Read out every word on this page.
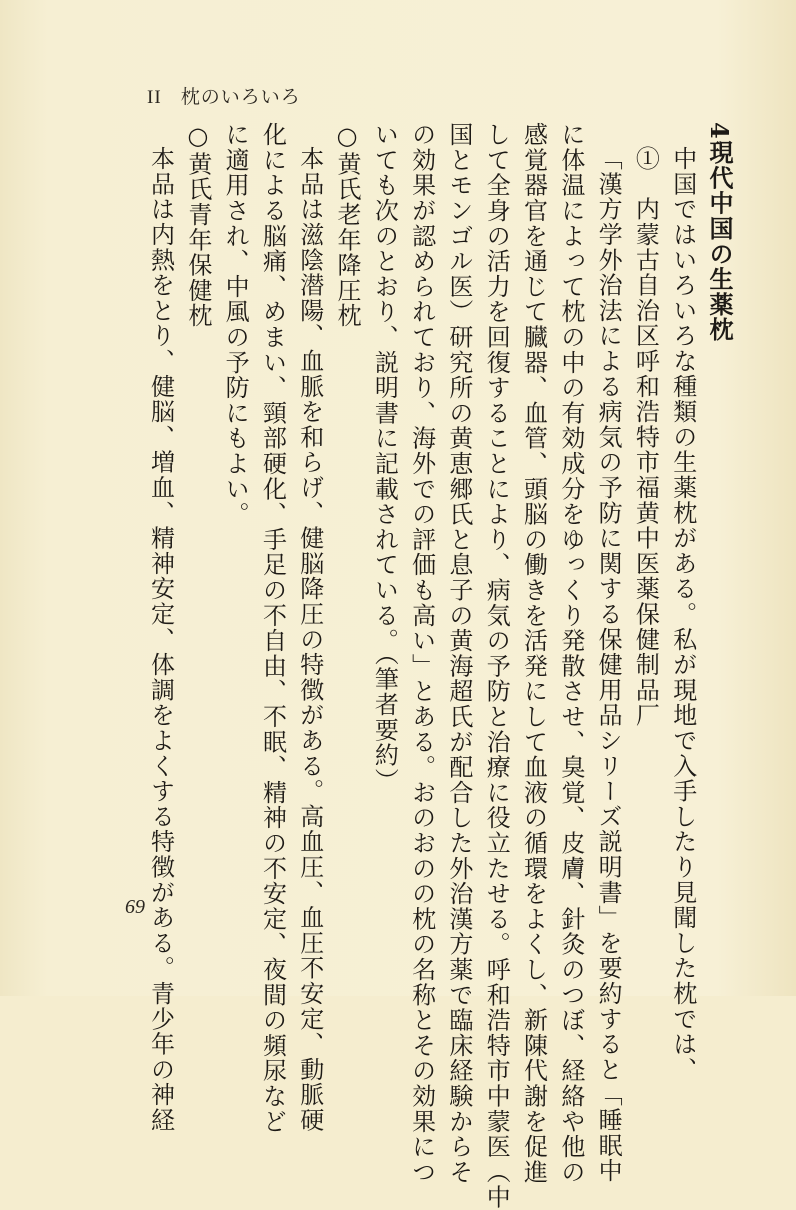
II 枕のいろいろ
4現代中国の生薬枕
中国ではいろいろな種類の生薬枕がある。私が現地で入手したり見聞した枕では、
①　内蒙古自治区呼和浩特市福黄中医薬保健制品厂
「漢方学外治法による病気の予防に関する保健用品シリーズ説明書」を要約すると「睡眠中
に体温によって枕の中の有効成分をゆっくり発散させ、臭覚、皮膚、針灸のつぼ、経絡や他の
感覚器官を通じて臓器、血管、頭脳の働きを活発にして血液の循環をよくし、新陳代謝を促進
して全身の活力を回復することにより、病気の予防と治療に役立たせる。呼和浩特市中蒙医（中
国とモンゴル医）研究所の黄恵郷氏と息子の黄海超氏が配合した外治漢方薬で臨床経験からそ
の効果が認められており、海外での評価も高い」とある。おのおのの枕の名称とその効果につ
いても次のとおり、説明書に記載されている。（筆者要約）
○黄氏老年降圧枕
本品は滋陰潜陽、血脈を和らげ、健脳降圧の特徴がある。高血圧、血圧不安定、動脈硬
化による脳痛、めまい、頸部硬化、手足の不自由、不眠、精神の不安定、夜間の頻尿など
に適用され、中風の予防にもよい。
○黄氏青年保健枕
本品は内熱をとり、健脳、増血、精神安定、体調をよくする特徴がある。青少年の神経
69
